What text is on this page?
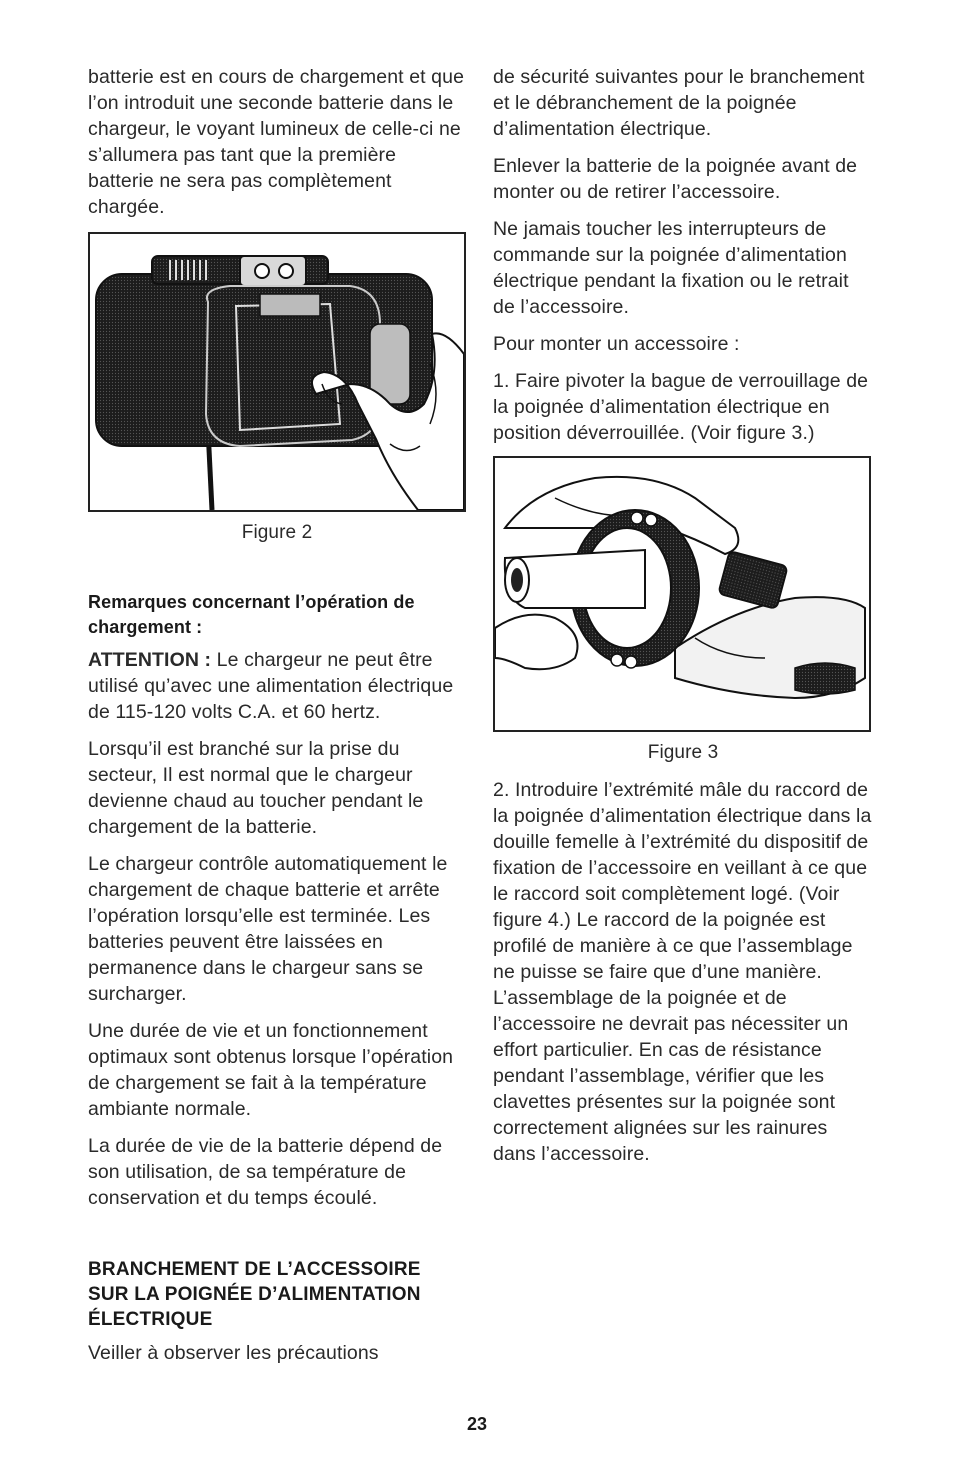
batterie est en cours de chargement et que l’on introduit une seconde batterie dans le chargeur, le voyant lumineux de celle-ci ne s’allumera pas tant que la première batterie ne sera pas complètement chargée.

Figure 2

Remarques concernant l’opération de chargement :

ATTENTION : Le chargeur ne peut être utilisé qu’avec une alimentation électrique de 115-120 volts C.A. et 60 hertz.

Lorsqu’il est branché sur la prise du secteur, Il est normal que le chargeur devienne chaud au toucher pendant le chargement de la batterie.

Le chargeur contrôle automatiquement le chargement de chaque batterie et arrête l’opération lorsqu’elle est terminée. Les batteries peuvent être laissées en permanence dans le chargeur sans se surcharger.

Une durée de vie et un fonctionnement optimaux sont obtenus lorsque l’opération de chargement se fait à la température ambiante normale.

La durée de vie de la batterie dépend de son utilisation, de sa température de conservation et du temps écoulé.

BRANCHEMENT DE L’ACCESSOIRE SUR LA POIGNÉE D’ALIMENTATION ÉLECTRIQUE

Veiller à observer les précautions

de sécurité suivantes pour le branchement et le débranchement de la poignée d’alimentation électrique.

Enlever la batterie de la poignée avant de monter ou de retirer l’accessoire.

Ne jamais toucher les interrupteurs de commande sur la poignée d’alimentation électrique pendant la fixation ou le retrait de l’accessoire.

Pour monter un accessoire :

1. Faire pivoter la bague de verrouillage de la poignée d’alimentation électrique en position déverrouillée. (Voir figure 3.)

Figure 3

2. Introduire l’extrémité mâle du raccord de la poignée d’alimentation électrique dans la douille femelle à l’extrémité du dispositif de fixation de l’accessoire en veillant à ce que le raccord soit complètement logé. (Voir figure 4.) Le raccord de la poignée est profilé de manière à ce que l’assemblage ne puisse se faire que d’une manière. L’assemblage de la poignée et de l’accessoire ne devrait pas nécessiter un effort particulier. En cas de résistance pendant l’assemblage, vérifier que les clavettes présentes sur la poignée sont correctement alignées sur les rainures dans l’accessoire.

23
